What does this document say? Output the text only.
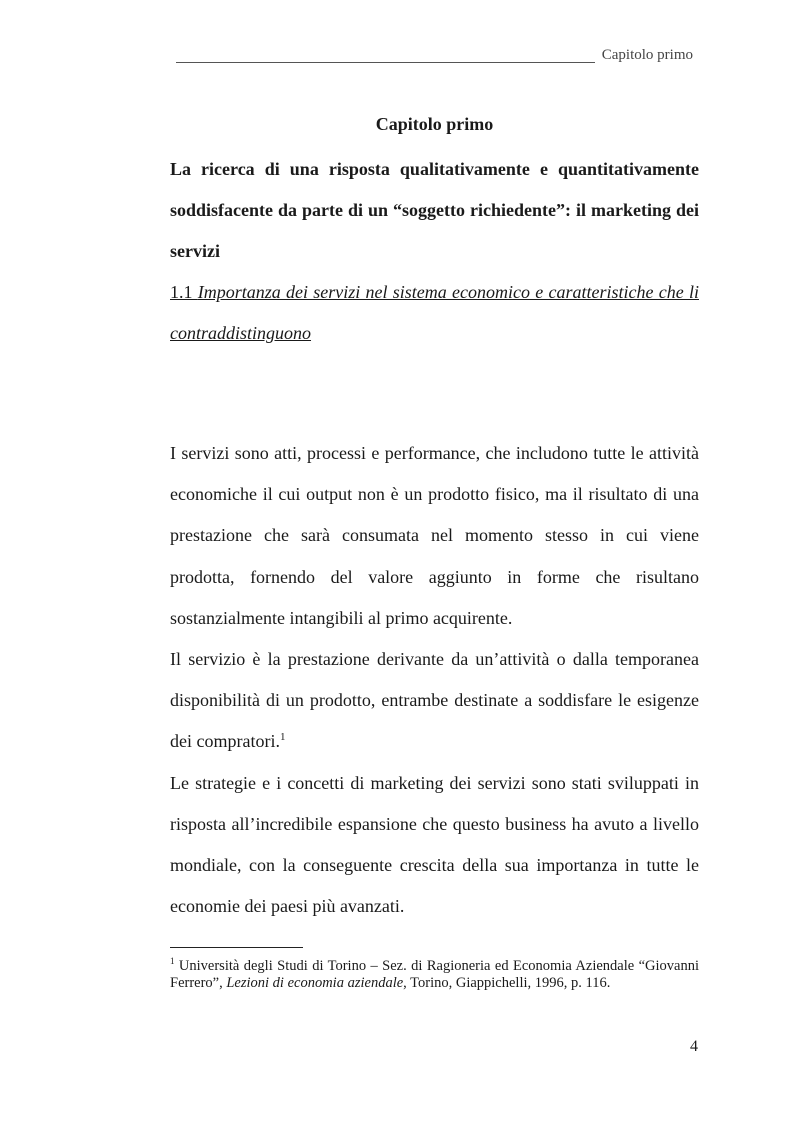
Capitolo primo
Capitolo primo
La ricerca di una risposta qualitativamente e quantitativamente soddisfacente da parte di un “soggetto richiedente”: il marketing dei servizi
1.1 Importanza dei servizi nel sistema economico e caratteristiche che li contraddistinguono

I servizi sono atti, processi e performance, che includono tutte le attività economiche il cui output non è un prodotto fisico, ma il risultato di una prestazione che sarà consumata nel momento stesso in cui viene prodotta, fornendo del valore aggiunto in forme che risultano sostanzialmente intangibili al primo acquirente.

Il servizio è la prestazione derivante da un’attività o dalla temporanea disponibilità di un prodotto, entrambe destinate a soddisfare le esigenze dei compratori.$^1$

Le strategie e i concetti di marketing dei servizi sono stati sviluppati in risposta all’incredibile espansione che questo business ha avuto a livello mondiale, con la conseguente crescita della sua importanza in tutte le economie dei paesi più avanzati.

$^1$ Università degli Studi di Torino – Sez. di Ragioneria ed Economia Aziendale “Giovanni Ferrero”, Lezioni di economia aziendale, Torino, Giappichelli, 1996, p. 116.
4
